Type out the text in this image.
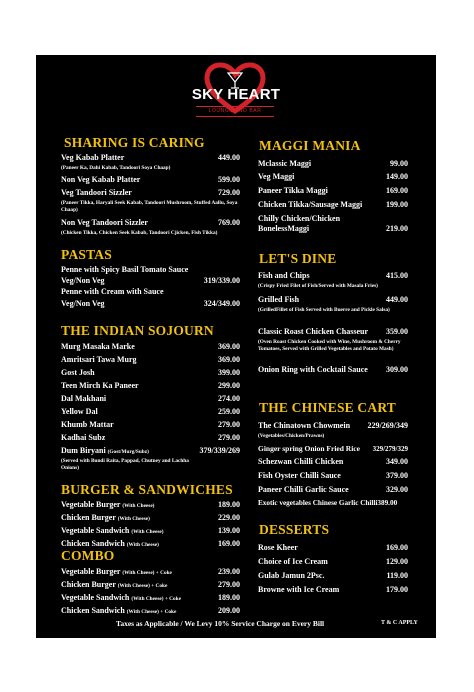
SKY HEART
LOUNGE AND BAR
SHARING IS CARING
Veg Kabab Platter	449.00
(Paneer Ka, Dahi Kabab, Tandoori Soya Chaap)
Non Veg Kabab Platter	599.00
Veg Tandoori Sizzler	729.00
(Paneer Tikka, Haryali Seek Kabab, Tandoori Mushroom, Stuffed Aallu, Soya Chaap)
Non Veg Tandoori Sizzler	769.00
(Chicken Tikka, Chicken Seek Kabab, Tandoori Cjicken, Fish Tikka)
PASTAS
Penne with Spicy Basil Tomato Sauce
Veg/Non Veg	319/339.00
Penne with Cream with Sauce
Veg/Non Veg	324/349.00
THE INDIAN SOJOURN
Murg Masaka Marke	369.00
Amritsari Tawa Murg	369.00
Gost Josh	399.00
Teen Mirch Ka Paneer	299.00
Dal Makhani	274.00
Yellow Dal	259.00
Khumb Mattar	279.00
Kadhai Subz	279.00
Dum Biryani (Gost/Murg/Subz)	379/339/269
(Served with Bundi Raita, Pappad, Chutney and Lachha Onions)
BURGER & SANDWICHES
Vegetable Burger (With Cheese)	189.00
Chicken Burger (With Cheese)	229.00
Vegetable Sandwich (With Cheese)	139.00
Chicken Sandwich (With Cheese)	169.00
COMBO
Vegetable Burger (With Cheese) + Coke	239.00
Chicken Burger (With Cheese) + Coke	279.00
Vegetable Sandwich (With Cheese) + Coke	189.00
Chicken Sandwich (With Cheese) + Coke	209.00
MAGGI MANIA
Mclassic Maggi	99.00
Veg Maggi	149.00
Paneer Tikka Maggi	169.00
Chicken Tikka/Sausage Maggi	199.00
Chilly Chicken/Chicken
BonelessMaggi	219.00
LET'S DINE
Fish and Chips	415.00
(Crispy Fried Filet of Fish/Served with Masala Fries)
Grilled Fish	449.00
(GrilledFillet of Fish Served with Buerre and Pickle Salsa)
Classic Roast Chicken Chasseur	359.00
(Oven Roast Chicken Cooked with Wine, Mushroom & Cherry Tomatoes, Served with Grilled Vegetables and Potato Mash)
Onion Ring with Cocktail Sauce	309.00
THE CHINESE CART
The Chinatown Chowmein	229/269/349
(Vegetables/Chicken/Prawns)
Ginger spring Onion Fried Rice	329/279/329
Schezwan Chilli Chicken	349.00
Fish Oyster Chilli Sauce	379.00
Paneer Chilli Garlic Sauce	329.00
Exotic vegetables Chinese Garlic Chilli389.00
DESSERTS
Rose Kheer	169.00
Choice of Ice Cream	129.00
Gulab Jamun 2Psc.	119.00
Browne with Ice Cream	179.00
Taxes as Applicable / We Levy 10% Service Charge on Every Bill	T & C APPLY
